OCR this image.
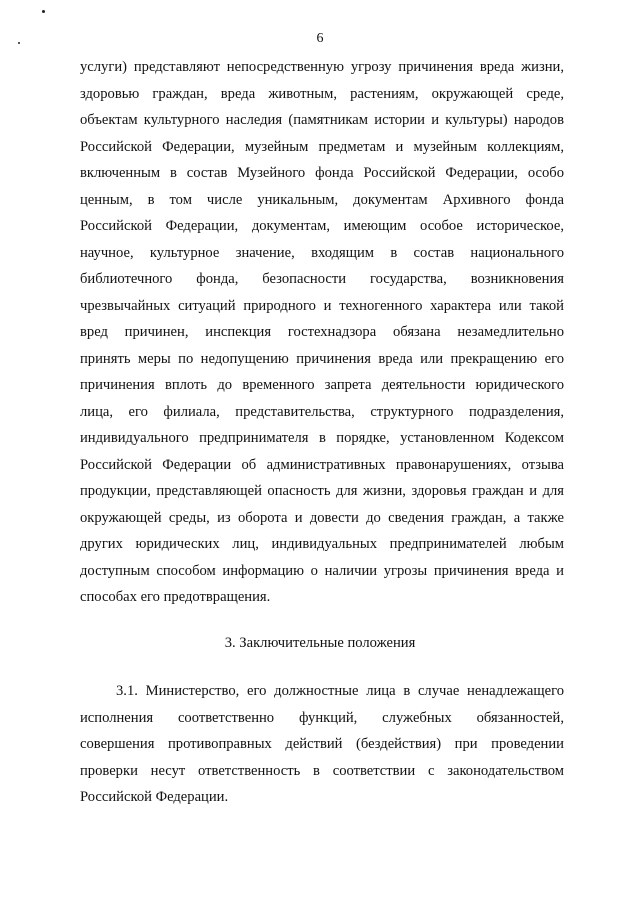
6
услуги) представляют непосредственную угрозу причинения вреда жизни,
здоровью граждан, вреда животным, растениям, окружающей среде,
объектам культурного наследия (памятникам истории и культуры) народов
Российской Федерации, музейным предметам и музейным коллекциям,
включенным в состав Музейного фонда Российской Федерации, особо
ценным, в том числе уникальным, документам Архивного фонда
Российской Федерации, документам, имеющим особое историческое,
научное, культурное значение, входящим в состав национального
библиотечного фонда, безопасности государства, возникновения
чрезвычайных ситуаций природного и техногенного характера или такой
вред причинен, инспекция гостехнадзора обязана незамедлительно
принять меры по недопущению причинения вреда или прекращению его
причинения вплоть до временного запрета деятельности юридического
лица, его филиала, представительства, структурного подразделения,
индивидуального предпринимателя в порядке, установленном Кодексом
Российской Федерации об административных правонарушениях, отзыва
продукции, представляющей опасность для жизни, здоровья граждан и для
окружающей среды, из оборота и довести до сведения граждан, а также
других юридических лиц, индивидуальных предпринимателей любым
доступным способом информацию о наличии угрозы причинения вреда и
способах его предотвращения.
3. Заключительные положения
3.1. Министерство, его должностные лица в случае ненадлежащего
исполнения соответственно функций, служебных обязанностей,
совершения противоправных действий (бездействия) при проведении
проверки несут ответственность в соответствии с законодательством
Российской Федерации.
